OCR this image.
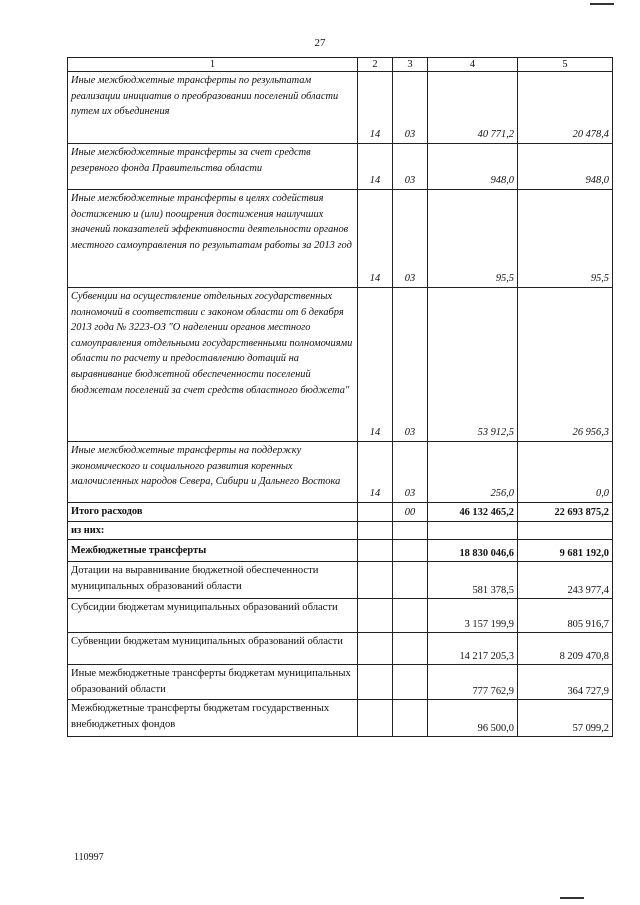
27
1	2	3	4	5
Иные межбюджетные трансферты по результатам реализации инициатив о преобразовании поселений области путем их объединения	14	03	40 771,2	20 478,4
Иные межбюджетные трансферты за счет средств резервного фонда Правительства области	14	03	948,0	948,0
Иные межбюджетные трансферты в целях содействия достижению и (или) поощрения достижения наилучших значений показателей эффективности деятельности органов местного самоуправления по результатам работы за 2013 год	14	03	95,5	95,5
Субвенции на осуществление отдельных государственных полномочий в соответствии с законом области от 6 декабря 2013 года № 3223-ОЗ "О наделении органов местного самоуправления отдельными государственными полномочиями области по расчету и предоставлению дотаций на выравнивание бюджетной обеспеченности поселений бюджетам поселений за счет средств областного бюджета"	14	03	53 912,5	26 956,3
Иные межбюджетные трансферты на поддержку экономического и социального развития коренных малочисленных народов Севера, Сибири и Дальнего Востока	14	03	256,0	0,0
Итого расходов		00	46 132 465,2	22 693 875,2
из них:				
Межбюджетные трансферты			18 830 046,6	9 681 192,0
Дотации на выравнивание бюджетной обеспеченности муниципальных образований области			581 378,5	243 977,4
Субсидии бюджетам муниципальных образований области			3 157 199,9	805 916,7
Субвенции бюджетам муниципальных образований области			14 217 205,3	8 209 470,8
Иные межбюджетные трансферты бюджетам муниципальных образований области			777 762,9	364 727,9
Межбюджетные трансферты бюджетам государственных внебюджетных фондов			96 500,0	57 099,2
110997
